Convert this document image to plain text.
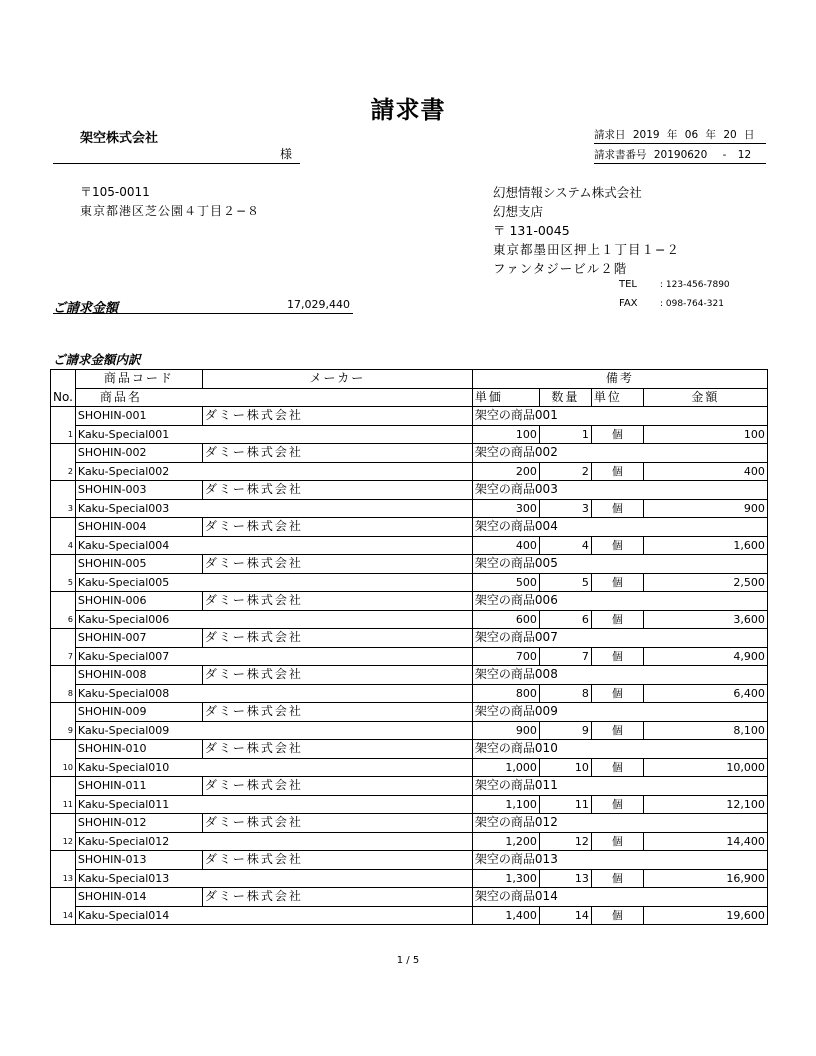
請求書
架空株式会社
様
請求日 2019 年 06 年 20 日
請求書番号 20190620 - 12
〒105-0011
東京都港区芝公園４丁目２−８
幻想情報システム株式会社
幻想支店
〒 131-0045
東京都墨田区押上１丁目１−２
ファンタジービル２階
TEL	: 123-456-7890
FAX : 098-764-321
ご請求金額	17,029,440
ご請求金額内訳
No.	商品コード	メーカー	備考			
	商品名		単価	数量	単位	金額
1	SHOHIN-001	ダミー株式会社	架空の商品001			
	Kaku-Special001		100	1	個	100
2	SHOHIN-002	ダミー株式会社	架空の商品002			
	Kaku-Special002		200	2	個	400
3	SHOHIN-003	ダミー株式会社	架空の商品003			
	Kaku-Special003		300	3	個	900
4	SHOHIN-004	ダミー株式会社	架空の商品004			
	Kaku-Special004		400	4	個	1,600
5	SHOHIN-005	ダミー株式会社	架空の商品005			
	Kaku-Special005		500	5	個	2,500
6	SHOHIN-006	ダミー株式会社	架空の商品006			
	Kaku-Special006		600	6	個	3,600
7	SHOHIN-007	ダミー株式会社	架空の商品007			
	Kaku-Special007		700	7	個	4,900
8	SHOHIN-008	ダミー株式会社	架空の商品008			
	Kaku-Special008		800	8	個	6,400
9	SHOHIN-009	ダミー株式会社	架空の商品009			
	Kaku-Special009		900	9	個	8,100
10	SHOHIN-010	ダミー株式会社	架空の商品010			
	Kaku-Special010		1,000	10	個	10,000
11	SHOHIN-011	ダミー株式会社	架空の商品011			
	Kaku-Special011		1,100	11	個	12,100
12	SHOHIN-012	ダミー株式会社	架空の商品012			
	Kaku-Special012		1,200	12	個	14,400
13	SHOHIN-013	ダミー株式会社	架空の商品013			
	Kaku-Special013		1,300	13	個	16,900
14	SHOHIN-014	ダミー株式会社	架空の商品014			
	Kaku-Special014		1,400	14	個	19,600
1 / 5
